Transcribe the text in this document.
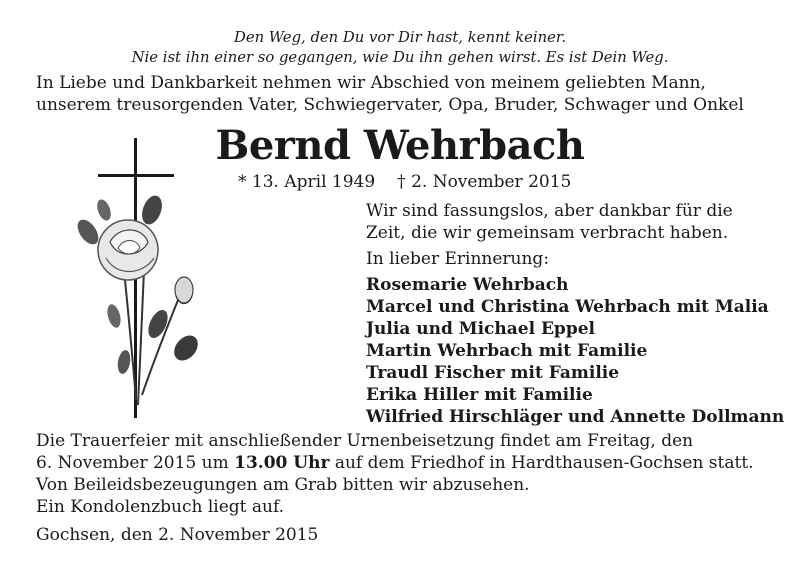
Den Weg, den Du vor Dir hast, kennt keiner.
Nie ist ihn einer so gegangen, wie Du ihn gehen wirst. Es ist Dein Weg.
In Liebe und Dankbarkeit nehmen wir Abschied von meinem geliebten Mann,
unserem treusorgenden Vater, Schwiegervater, Opa, Bruder, Schwager und Onkel
Bernd Wehrbach
* 13. April 1949 † 2. November 2015
Wir sind fassungslos, aber dankbar für die
Zeit, die wir gemeinsam verbracht haben.
In lieber Erinnerung:
Rosemarie Wehrbach
Marcel und Christina Wehrbach mit Malia
Julia und Michael Eppel
Martin Wehrbach mit Familie
Traudl Fischer mit Familie
Erika Hiller mit Familie
Wilfried Hirschläger und Annette Dollmann
Die Trauerfeier mit anschließender Urnenbeisetzung findet am Freitag, den
6. November 2015 um 13.00 Uhr auf dem Friedhof in Hardthausen-Gochsen statt.
Von Beileidsbezeugungen am Grab bitten wir abzusehen.
Ein Kondolenzbuch liegt auf.
Gochsen, den 2. November 2015
